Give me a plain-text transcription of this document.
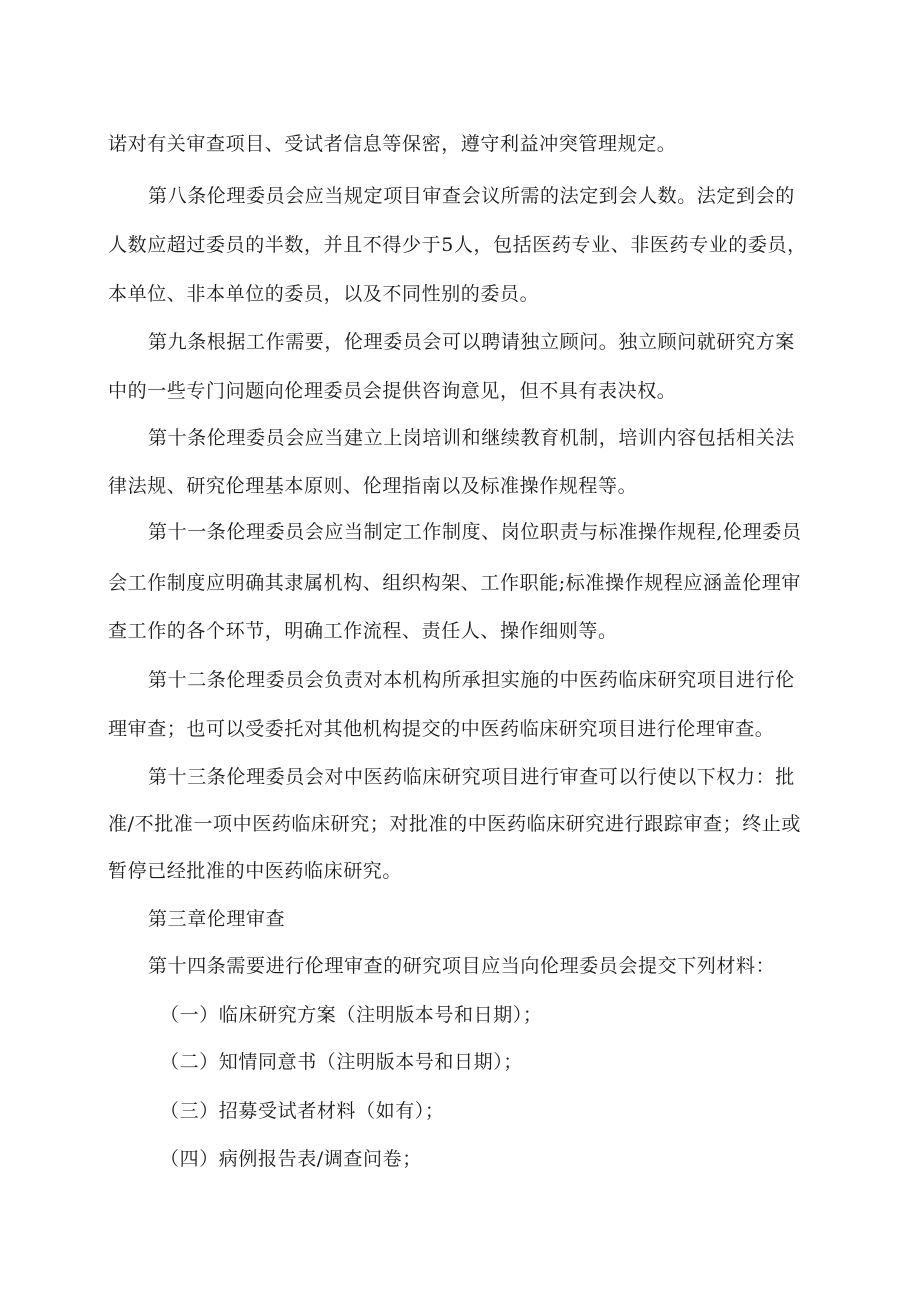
诺对有关审查项目、受试者信息等保密，遵守利益冲突管理规定。
第八条伦理委员会应当规定项目审查会议所需的法定到会人数。法定到会的
人数应超过委员的半数，并且不得少于5人，包括医药专业、非医药专业的委员，
本单位、非本单位的委员，以及不同性别的委员。
第九条根据工作需要，伦理委员会可以聘请独立顾问。独立顾问就研究方案
中的一些专门问题向伦理委员会提供咨询意见，但不具有表决权。
第十条伦理委员会应当建立上岗培训和继续教育机制，培训内容包括相关法
律法规、研究伦理基本原则、伦理指南以及标准操作规程等。
第十一条伦理委员会应当制定工作制度、岗位职责与标准操作规程,伦理委员
会工作制度应明确其隶属机构、组织构架、工作职能;标准操作规程应涵盖伦理审
查工作的各个环节，明确工作流程、责任人、操作细则等。
第十二条伦理委员会负责对本机构所承担实施的中医药临床研究项目进行伦
理审查；也可以受委托对其他机构提交的中医药临床研究项目进行伦理审查。
第十三条伦理委员会对中医药临床研究项目进行审查可以行使以下权力：批
准/不批准一项中医药临床研究；对批准的中医药临床研究进行跟踪审查；终止或
暂停已经批准的中医药临床研究。
第三章伦理审查
第十四条需要进行伦理审查的研究项目应当向伦理委员会提交下列材料：
（一）临床研究方案（注明版本号和日期）；
（二）知情同意书（注明版本号和日期）；
（三）招募受试者材料（如有）；
（四）病例报告表/调查问卷；
